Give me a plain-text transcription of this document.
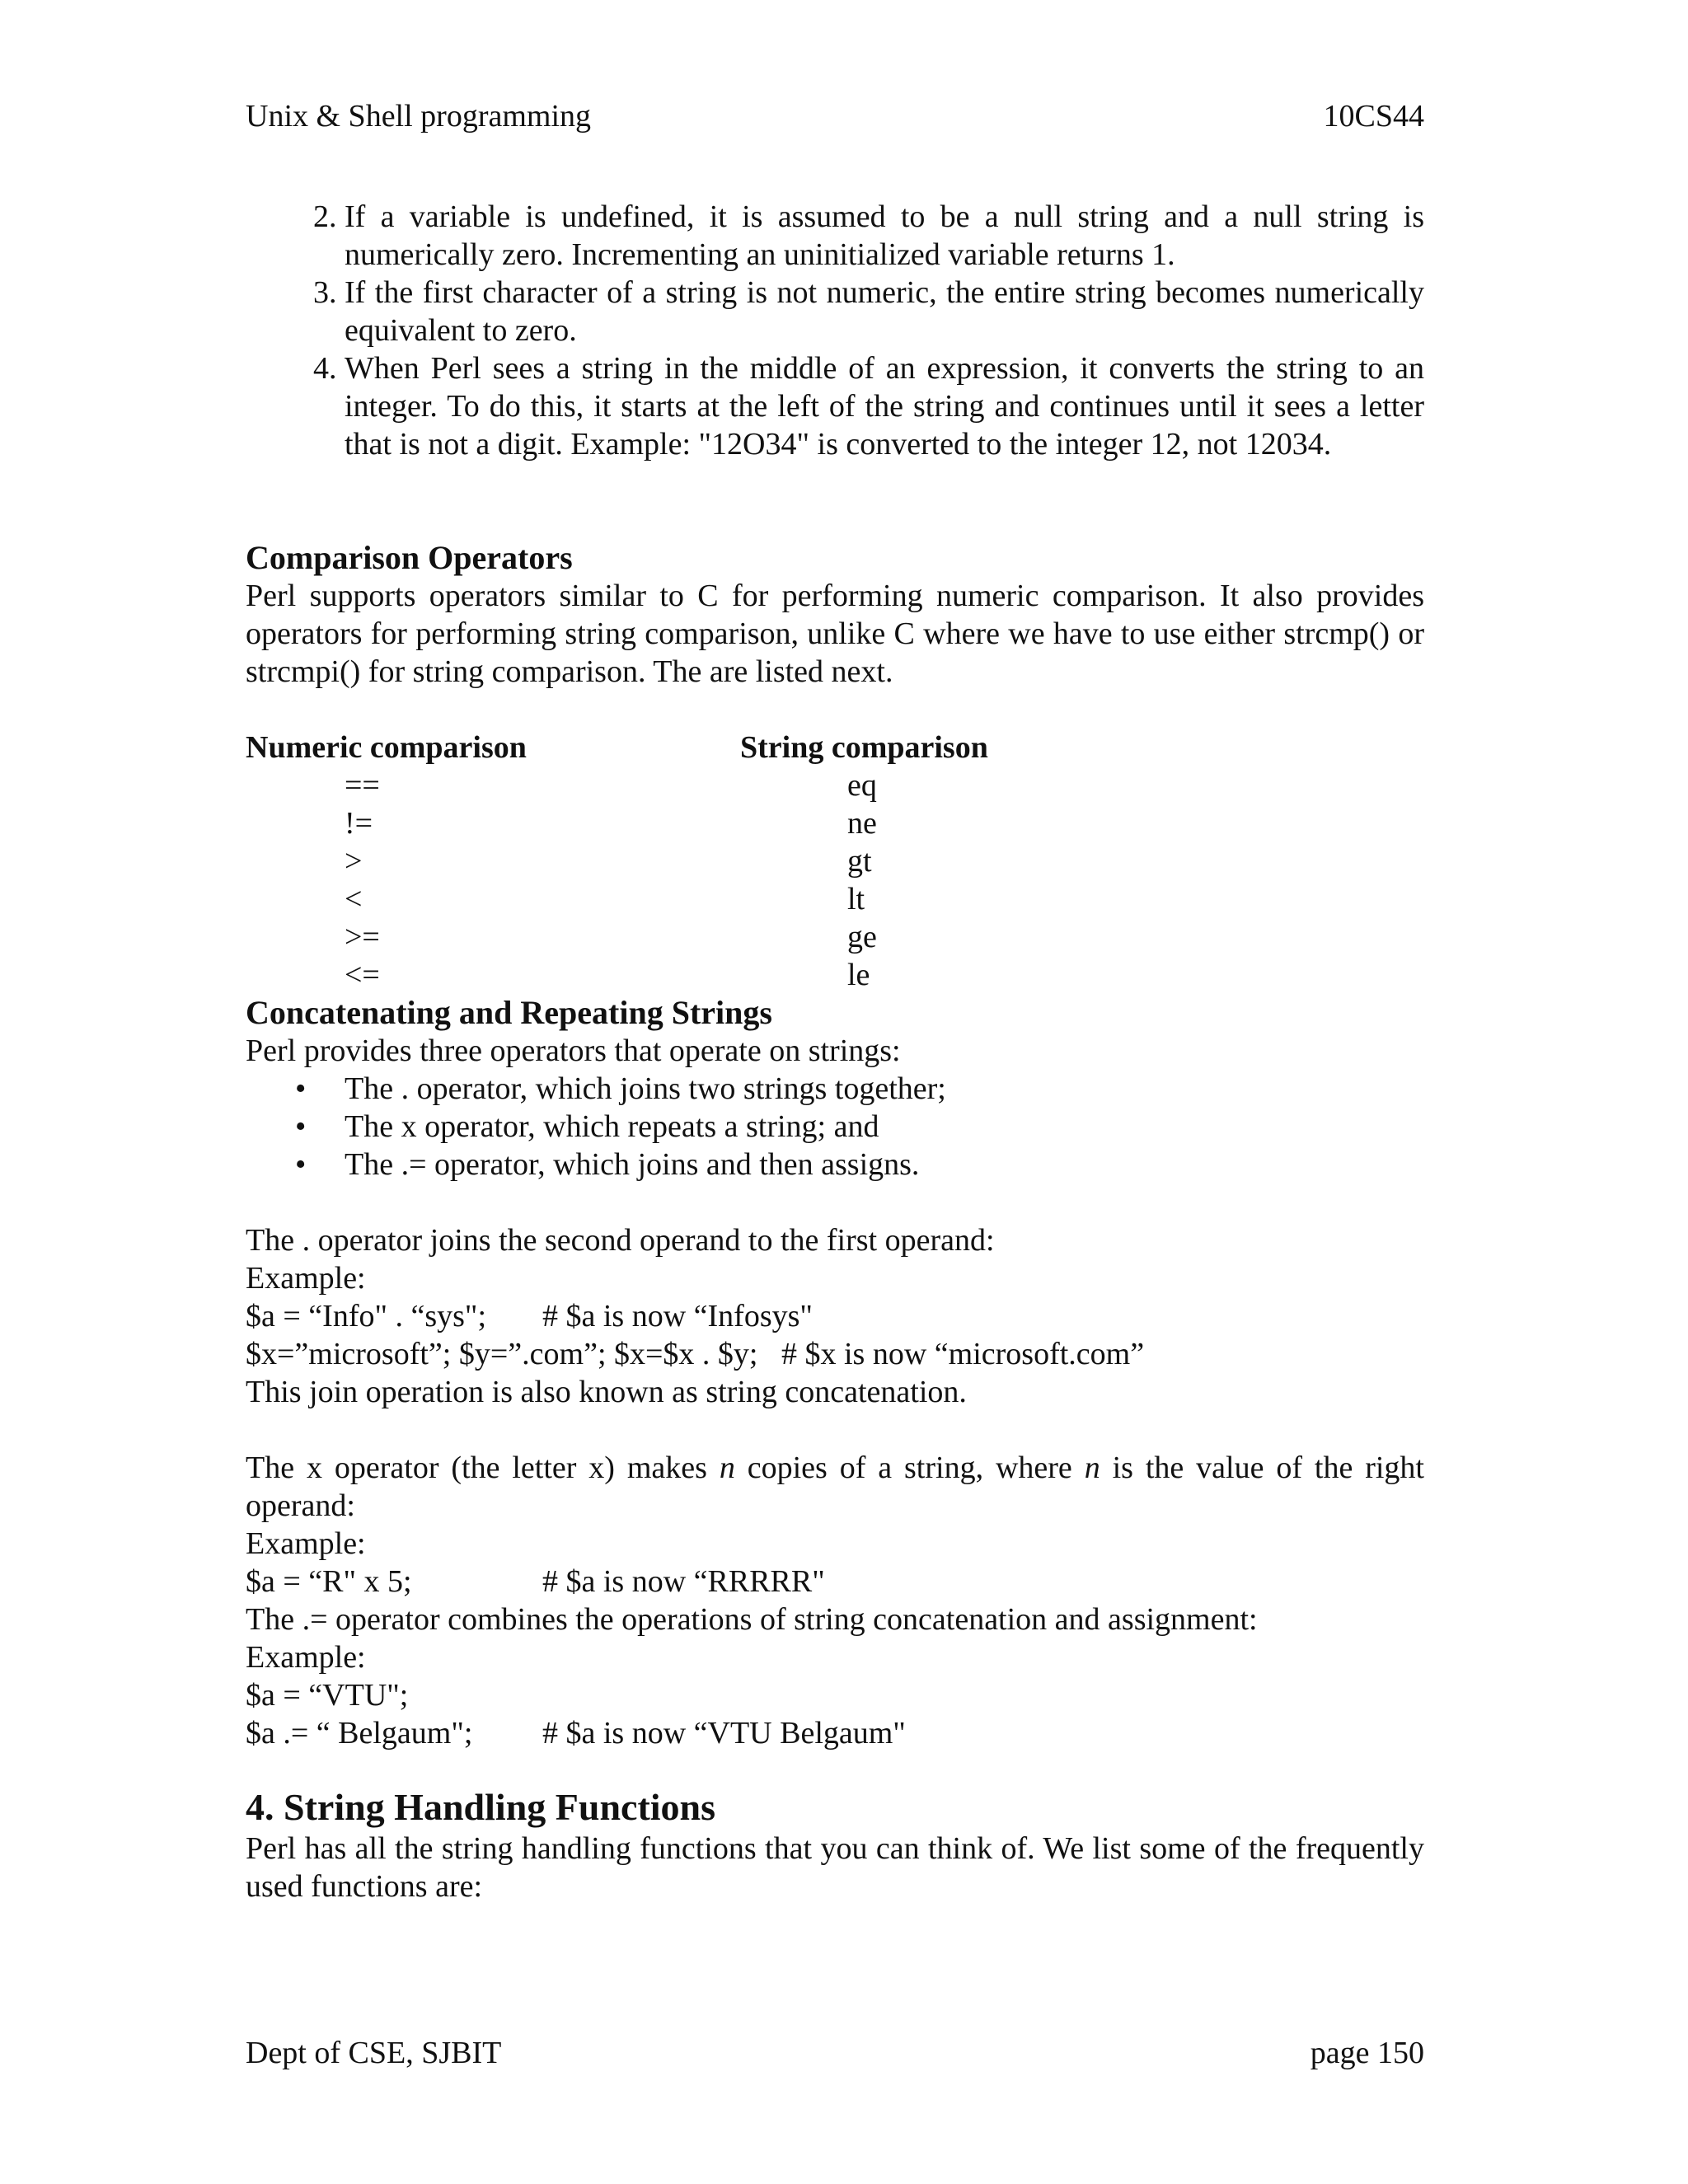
Unix & Shell programming	10CS44
2. If a variable is undefined, it is assumed to be a null string and a null string is numerically zero. Incrementing an uninitialized variable returns 1.
3. If the first character of a string is not numeric, the entire string becomes numerically equivalent to zero.
4. When Perl sees a string in the middle of an expression, it converts the string to an integer. To do this, it starts at the left of the string and continues until it sees a letter that is not a digit. Example: "12O34" is converted to the integer 12, not 12034.
Comparison Operators

Perl supports operators similar to C for performing numeric comparison. It also provides operators for performing string comparison, unlike C where we have to use either strcmp() or strcmpi() for string comparison. The are listed next.

Numeric comparison	String comparison
==	eq
!=	ne
>	gt
<	lt
>=	ge
<=	le
Concatenating and Repeating Strings

Perl provides three operators that operate on strings:

• The . operator, which joins two strings together;
• The x operator, which repeats a string; and
• The .= operator, which joins and then assigns.

The . operator joins the second operand to the first operand:

Example:

$a = “Info" . “sys";	# $a is now “Infosys"
$x=”microsoft”; $y=”.com”; $x=$x . $y;   # $x is now “microsoft.com”

This join operation is also known as string concatenation.

The x operator (the letter x) makes n copies of a string, where n is the value of the right operand:

Example:

$a = “R" x 5;	# $a is now “RRRRR"

The .= operator combines the operations of string concatenation and assignment:

Example:

$a = “VTU";
$a .= “ Belgaum";	# $a is now “VTU Belgaum"
4. String Handling Functions

Perl has all the string handling functions that you can think of. We list some of the frequently used functions are:

Dept of CSE, SJBIT	page 150
